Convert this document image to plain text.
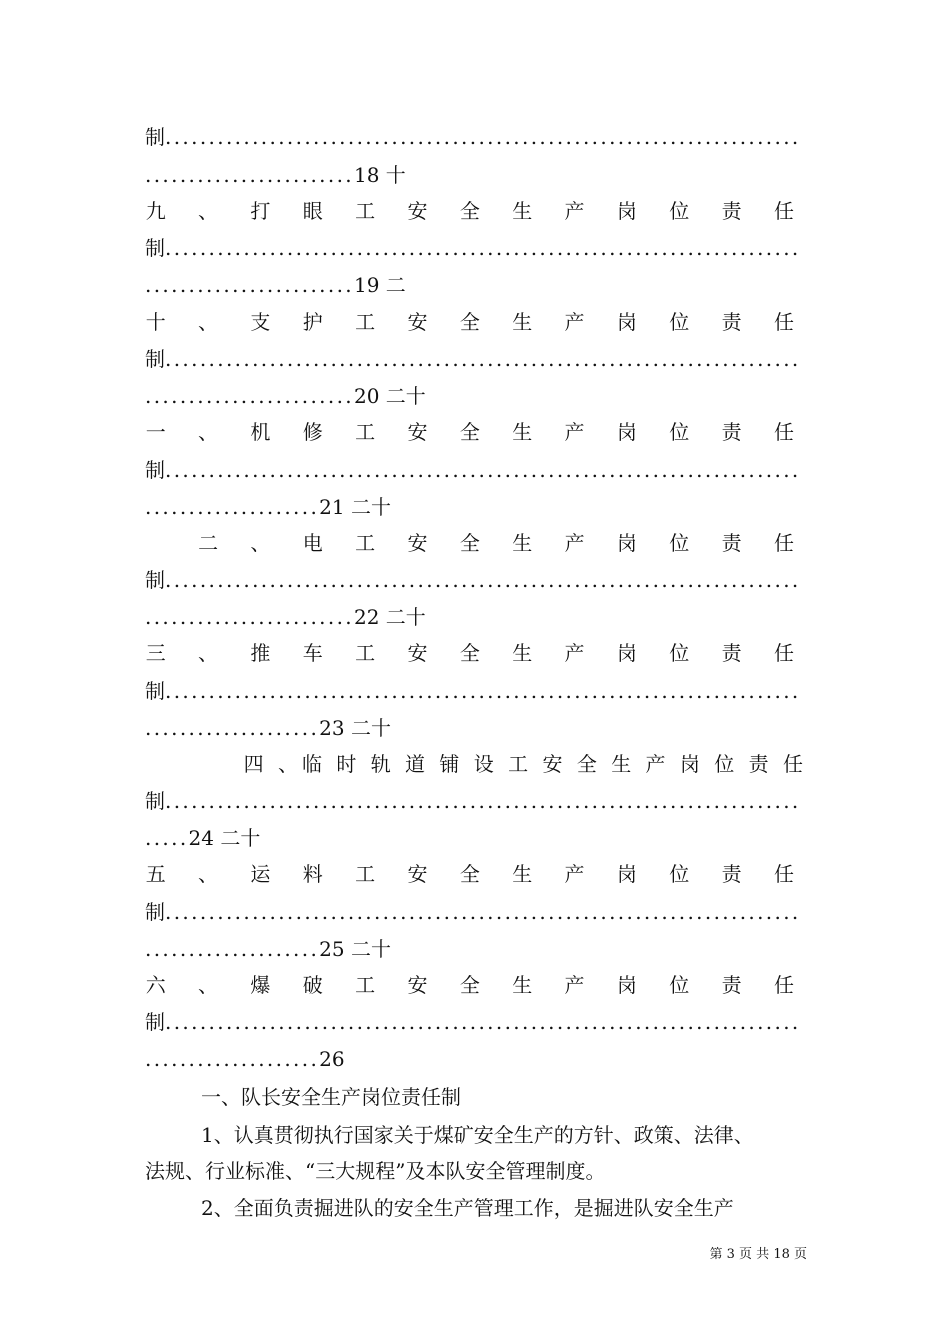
制.........................................................................
........................18 十
九 、 打 眼 工 安 全 生 产 岗 位 责 任
制.........................................................................
........................19 二
十 、 支 护 工 安 全 生 产 岗 位 责 任
制.........................................................................
........................20 二十
一 、 机 修 工 安 全 生 产 岗 位 责 任
制.........................................................................
....................21 二十
二 、 电 工 安 全 生 产 岗 位 责 任
制.........................................................................
........................22 二十
三 、 推 车 工 安 全 生 产 岗 位 责 任
制.........................................................................
....................23 二十
四 、临 时 轨 道 铺 设 工 安 全 生 产 岗 位 责 任
制.........................................................................
.....24 二十
五 、 运 料 工 安 全 生 产 岗 位 责 任
制.........................................................................
....................25 二十
六 、 爆 破 工 安 全 生 产 岗 位 责 任
制.........................................................................
....................26
一、队长安全生产岗位责任制
1、认真贯彻执行国家关于煤矿安全生产的方针、政策、法律、
法规、行业标准、“三大规程”及本队安全管理制度。
2、全面负责掘进队的安全生产管理工作，是掘进队安全生产
第 3 页 共 18 页
